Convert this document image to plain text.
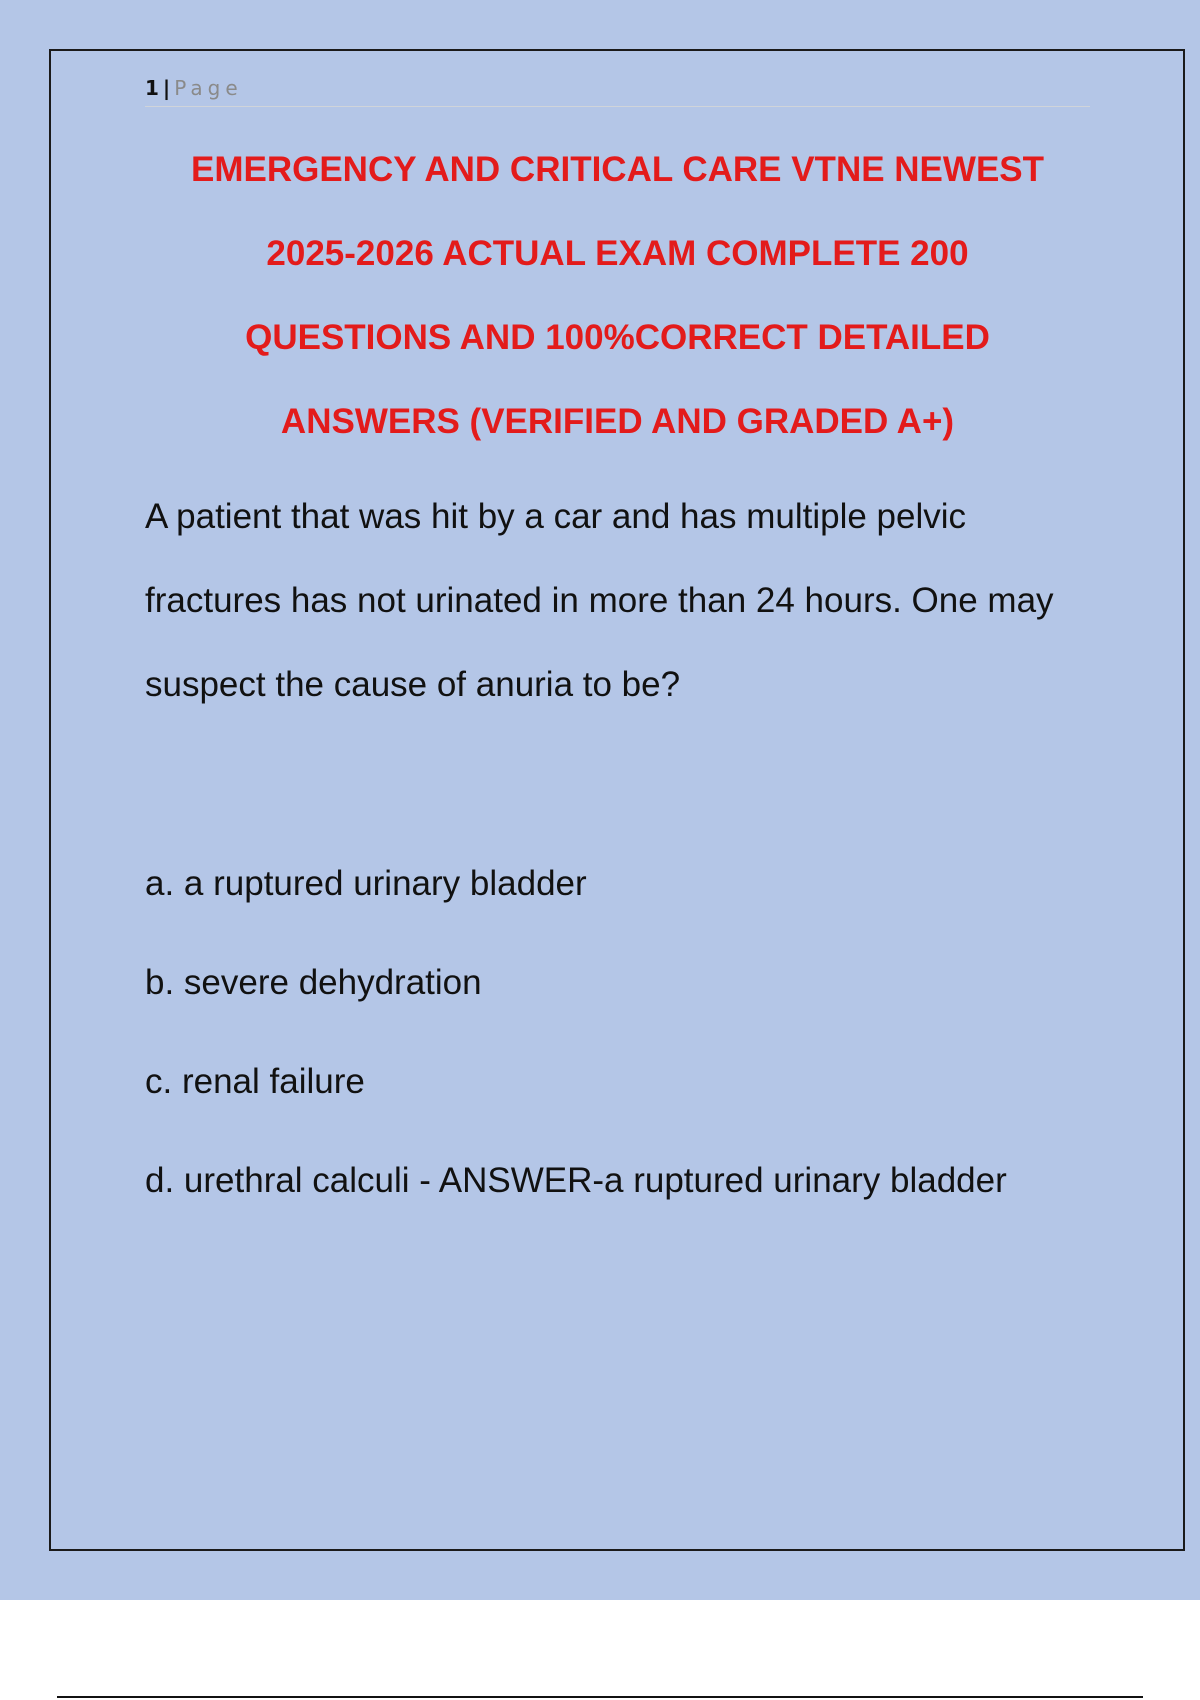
1 | Page
EMERGENCY AND CRITICAL CARE VTNE NEWEST
2025-2026 ACTUAL EXAM COMPLETE 200
QUESTIONS AND 100%CORRECT DETAILED
ANSWERS (VERIFIED AND GRADED A+)
A patient that was hit by a car and has multiple pelvic
fractures has not urinated in more than 24 hours. One may
suspect the cause of anuria to be?
a. a ruptured urinary bladder
b. severe dehydration
c. renal failure
d. urethral calculi - ANSWER-a ruptured urinary bladder
